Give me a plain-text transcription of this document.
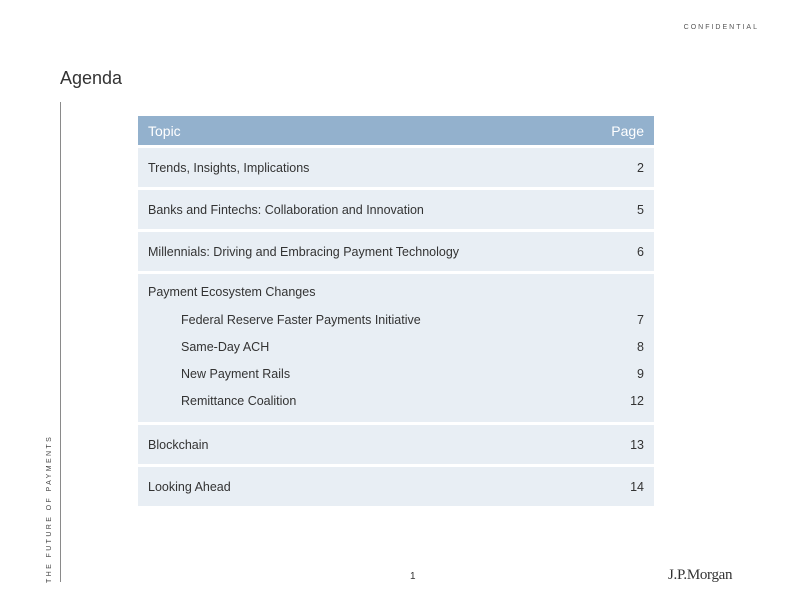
CONFIDENTIAL
Agenda
THE FUTURE OF PAYMENTS
Topic	Page
Trends, Insights, Implications	2
Banks and Fintechs: Collaboration and Innovation	5
Millennials: Driving and Embracing Payment Technology	6
Payment Ecosystem Changes
Federal Reserve Faster Payments Initiative	7
Same-Day ACH	8
New Payment Rails	9
Remittance Coalition	12
Blockchain	13
Looking Ahead	14
1	J.P.Morgan
